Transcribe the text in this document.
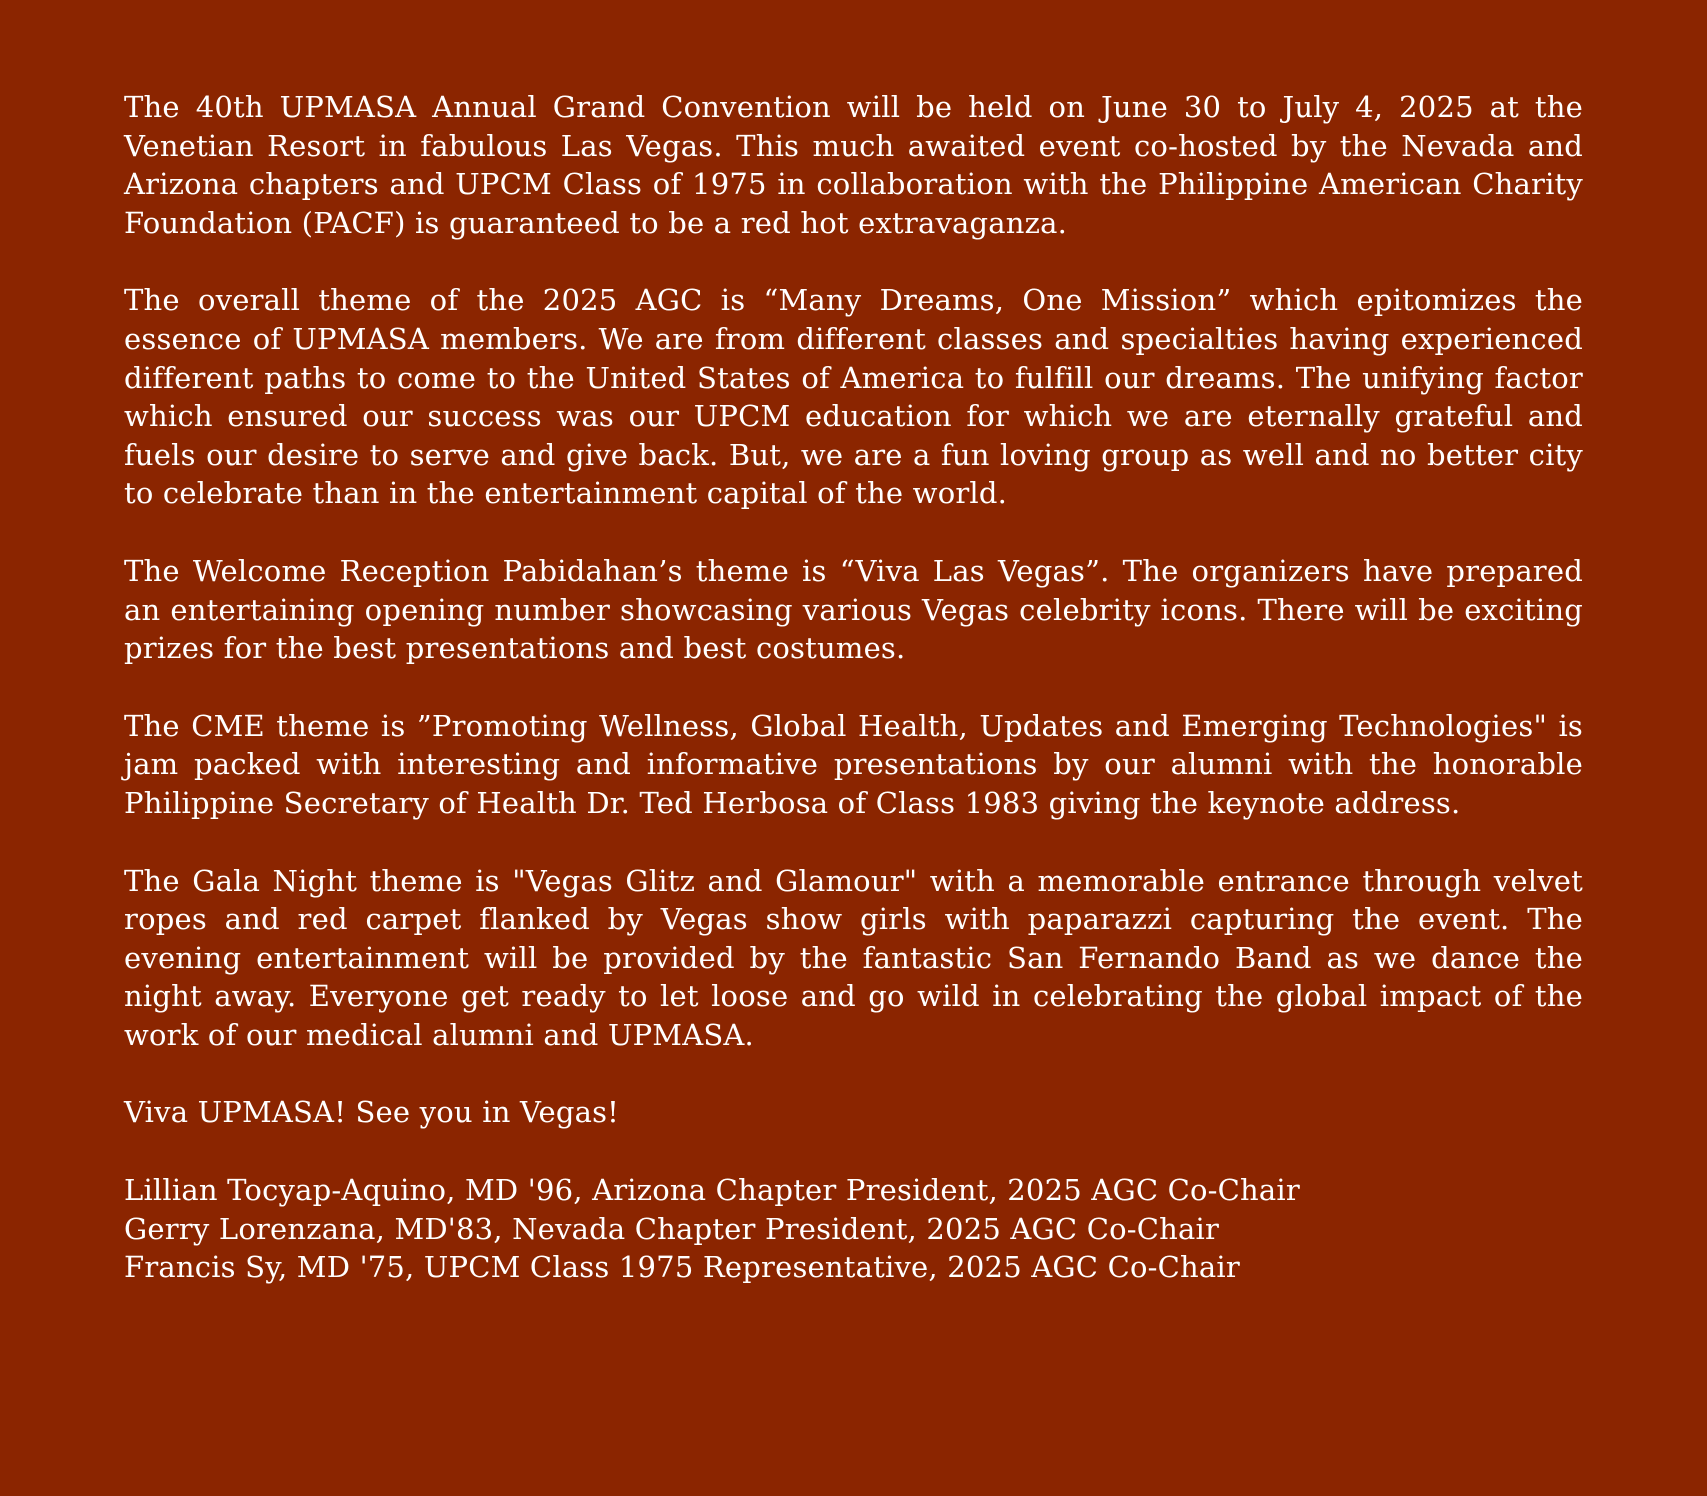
The 40th UPMASA Annual Grand Convention will be held on June 30 to July 4, 2025 at the Venetian Resort in fabulous Las Vegas. This much awaited event co-hosted by the Nevada and Arizona chapters and UPCM Class of 1975 in collaboration with the Philippine American Charity Foundation (PACF) is guaranteed to be a red hot extravaganza.

The overall theme of the 2025 AGC is “Many Dreams, One Mission” which epitomizes the essence of UPMASA members. We are from different classes and specialties having experienced different paths to come to the United States of America to fulfill our dreams. The unifying factor which ensured our success was our UPCM education for which we are eternally grateful and fuels our desire to serve and give back. But, we are a fun loving group as well and no better city to celebrate than in the entertainment capital of the world.

The Welcome Reception Pabidahan’s theme is “Viva Las Vegas”. The organizers have prepared an entertaining opening number showcasing various Vegas celebrity icons. There will be exciting prizes for the best presentations and best costumes.

The CME theme is ”Promoting Wellness, Global Health, Updates and Emerging Technologies" is jam packed with interesting and informative presentations by our alumni with the honorable Philippine Secretary of Health Dr. Ted Herbosa of Class 1983 giving the keynote address.

The Gala Night theme is "Vegas Glitz and Glamour" with a memorable entrance through velvet ropes and red carpet flanked by Vegas show girls with paparazzi capturing the event. The evening entertainment will be provided by the fantastic San Fernando Band as we dance the night away. Everyone get ready to let loose and go wild in celebrating the global impact of the work of our medical alumni and UPMASA.

Viva UPMASA! See you in Vegas!

Lillian Tocyap-Aquino, MD '96, Arizona Chapter President, 2025 AGC Co-Chair
Gerry Lorenzana, MD'83, Nevada Chapter President, 2025 AGC Co-Chair
Francis Sy, MD '75, UPCM Class 1975 Representative, 2025 AGC Co-Chair
